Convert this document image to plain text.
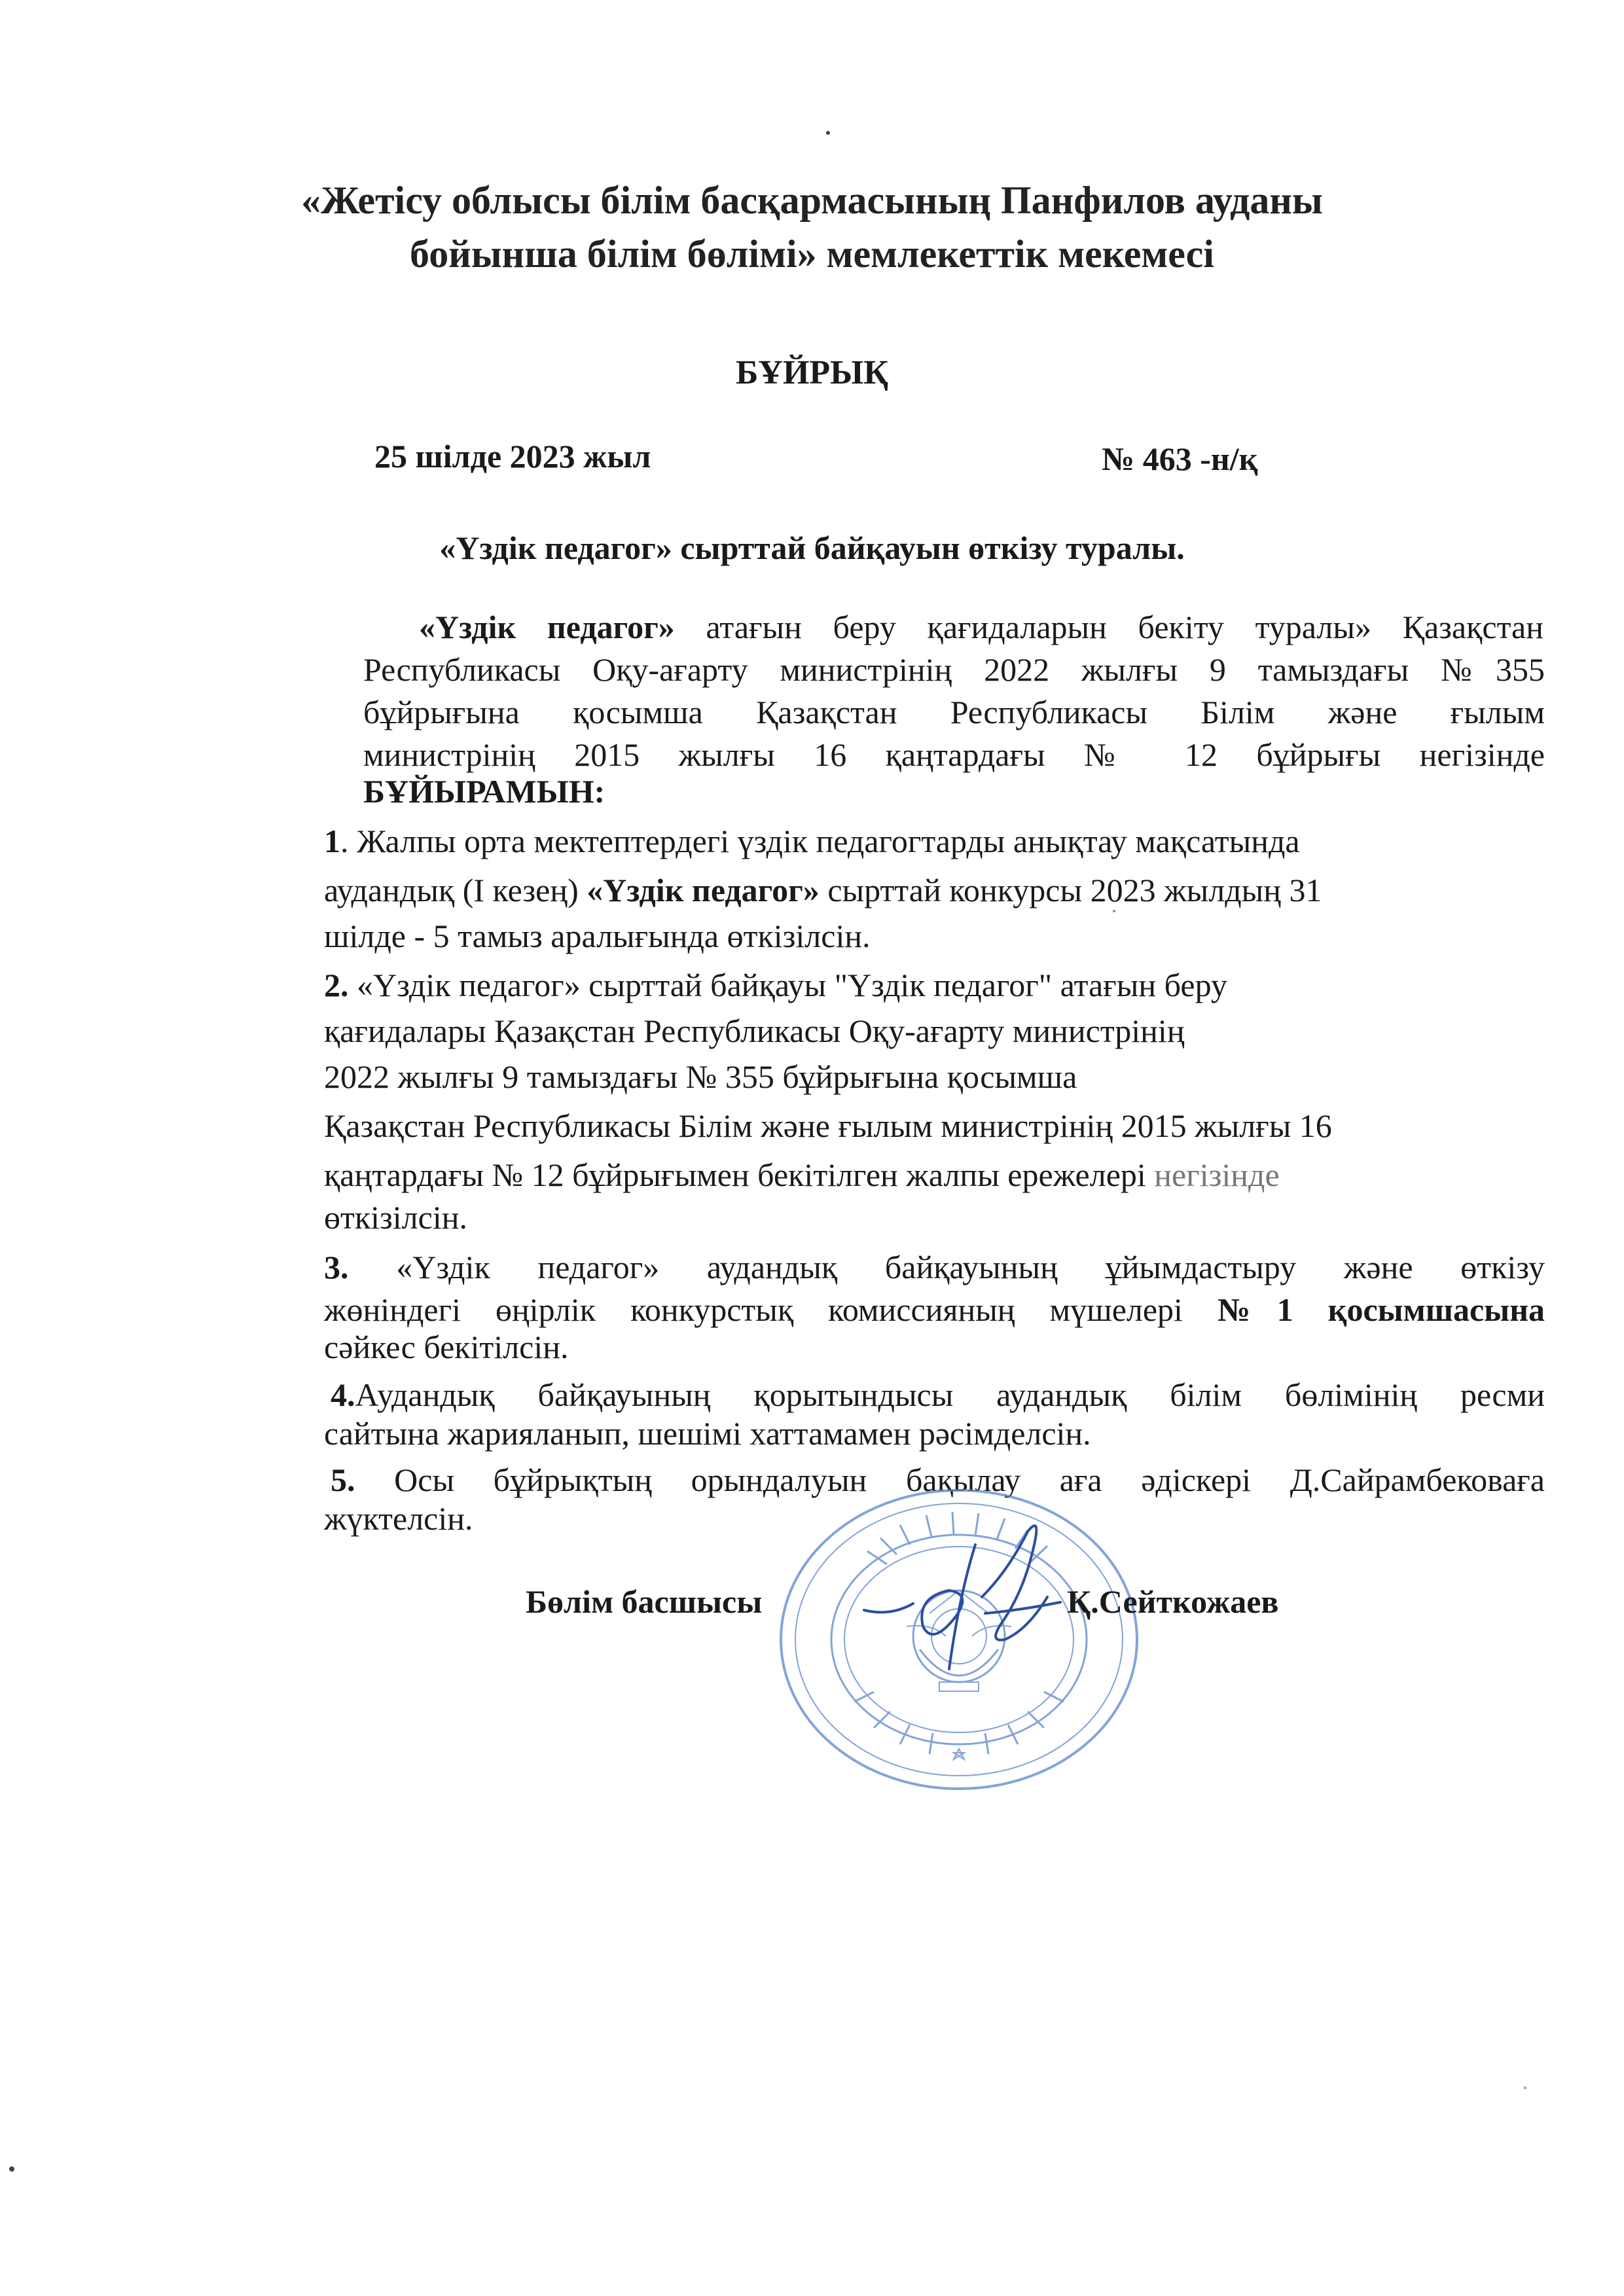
«Жетісу облысы білім басқармасының Панфилов ауданы
бойынша білім бөлімі» мемлекеттік мекемесі
БҰЙРЫҚ
25 шілде 2023 жыл	№ 463 -н/қ
«Үздік педагог» сырттай байқауын өткізу туралы.
«Үздік педагог» атағын беру қағидаларын бекіту туралы» Қазақстан
Республикасы Оқу-ағарту министрінің 2022 жылғы 9 тамыздағы №355
бұйрығына қосымша Қазақстан Республикасы Білім және ғылым
министрінің 2015 жылғы 16 қаңтардағы № 12 бұйрығы негізінде
БҰЙЫРАМЫН:
1. Жалпы орта мектептердегі үздік педагогтарды анықтау мақсатында
аудандық (І кезең) «Үздік педагог» сырттай конкурсы 2023 жылдың 31
шілде - 5 тамыз аралығында өткізілсін.
2. «Үздік педагог» сырттай байқауы "Үздік педагог" атағын беру
қағидалары Қазақстан Республикасы Оқу-ағарту министрінің
2022 жылғы 9 тамыздағы № 355 бұйрығына қосымша
Қазақстан Республикасы Білім және ғылым министрінің 2015 жылғы 16
қаңтардағы № 12 бұйрығымен бекітілген жалпы ережелері негізінде
өткізілсін.
3. «Үздік педагог» аудандық байқауының ұйымдастыру және өткізу
жөніндегі өңірлік конкурстық комиссияның мүшелері №1 қосымшасына
сәйкес бекітілсін.
4.Аудандық байқауының қорытындысы аудандық білім бөлімінің ресми
сайтына жарияланып, шешімі хаттамамен рәсімделсін.
5. Осы бұйрықтың орындалуын бақылау аға әдіскері Д.Сайрамбековаға
жүктелсін.
Бөлім басшысы	Қ.Сейткожаев
